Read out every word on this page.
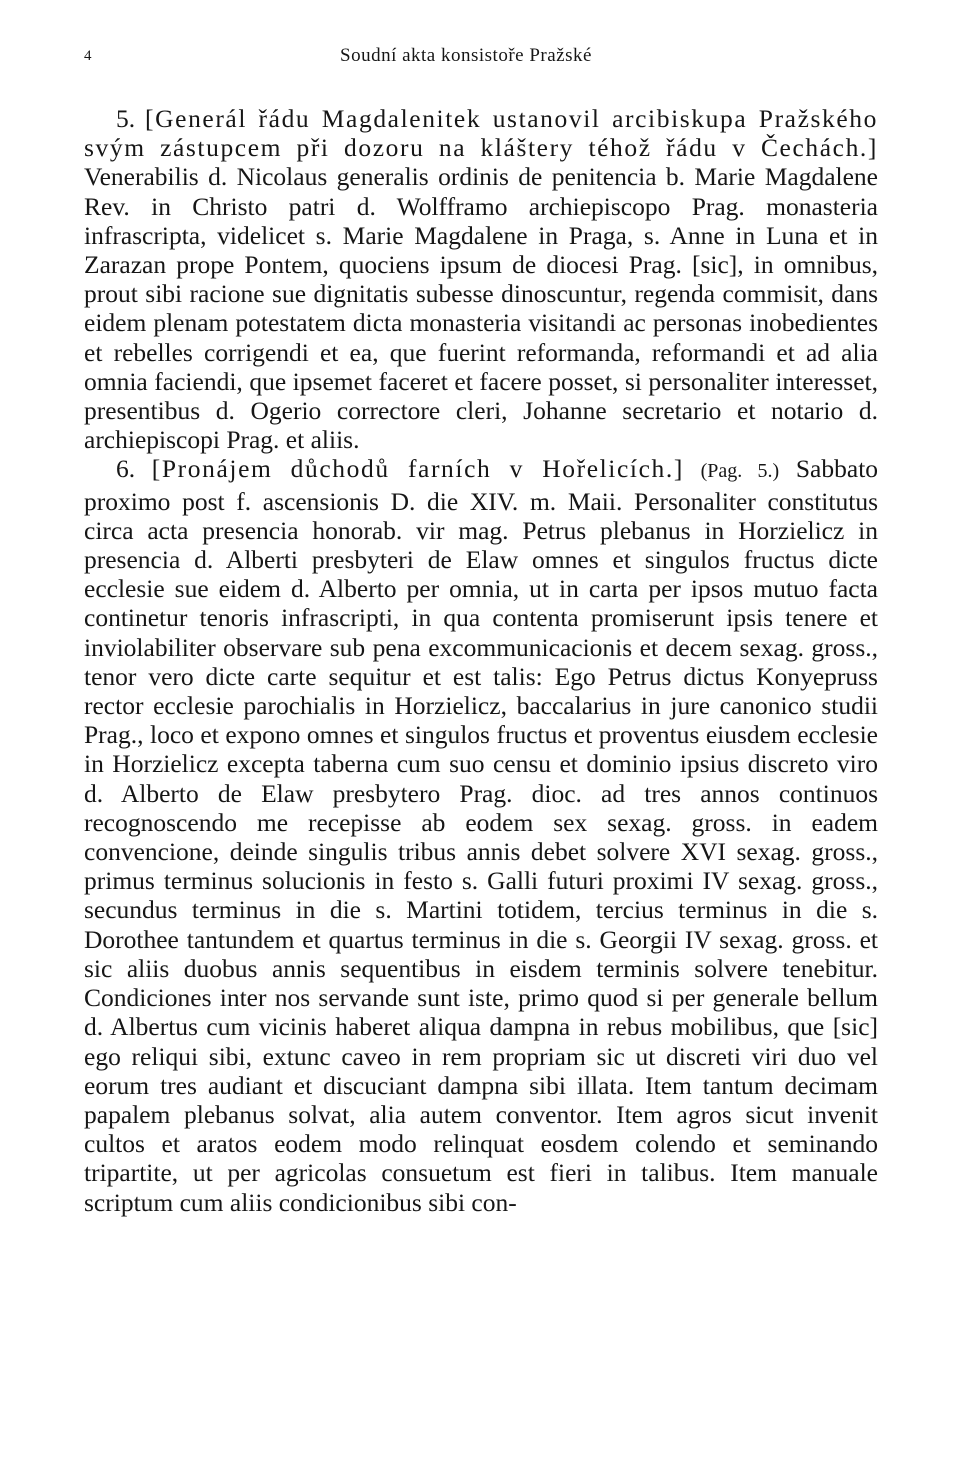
4	Soudní akta konsistoře Pražské

5. [Generál řádu Magdalenitek ustanovil arcibiskupa Pražského svým zástupcem při dozoru na kláštery téhož řádu v Čechách.] Venerabilis d. Nicolaus generalis ordinis de penitencia b. Marie Magdalene Rev. in Christo patri d. Wolfframo archiepiscopo Prag. monasteria infrascripta, videlicet s. Marie Magdalene in Praga, s. Anne in Luna et in Zarazan prope Pontem, quociens ipsum de diocesi Prag. [sic], in omnibus, prout sibi racione sue dignitatis subesse dinoscuntur, regenda commisit, dans eidem plenam potestatem dicta monasteria visitandi ac personas inobedientes et rebelles corrigendi et ea, que fuerint reformanda, reformandi et ad alia omnia faciendi, que ipsemet faceret et facere posset, si personaliter interesset, presentibus d. Ogerio correctore cleri, Johanne secretario et notario d. archiepiscopi Prag. et aliis.

6. [Pronájem důchodů farních v Hořelicích.] (Pag. 5.) Sabbato proximo post f. ascensionis D. die XIV. m. Maii. Personaliter constitutus circa acta presencia honorab. vir mag. Petrus plebanus in Horzielicz in presencia d. Alberti presbyteri de Elaw omnes et singulos fructus dicte ecclesie sue eidem d. Alberto per omnia, ut in carta per ipsos mutuo facta continetur tenoris infrascripti, in qua contenta promiserunt ipsis tenere et inviolabiliter observare sub pena excommunicacionis et decem sexag. gross., tenor vero dicte carte sequitur et est talis: Ego Petrus dictus Konyepruss rector ecclesie parochialis in Horzielicz, baccalarius in jure canonico studii Prag., loco et expono omnes et singulos fructus et proventus eiusdem ecclesie in Horzielicz excepta taberna cum suo censu et dominio ipsius discreto viro d. Alberto de Elaw presbytero Prag. dioc. ad tres annos continuos recognoscendo me recepisse ab eodem sex sexag. gross. in eadem convencione, deinde singulis tribus annis debet solvere XVI sexag. gross., primus terminus solucionis in festo s. Galli futuri proximi IV sexag. gross., secundus terminus in die s. Martini totidem, tercius terminus in die s. Dorothee tantundem et quartus terminus in die s. Georgii IV sexag. gross. et sic aliis duobus annis sequentibus in eisdem terminis solvere tenebitur. Condiciones inter nos servande sunt iste, primo quod si per generale bellum d. Albertus cum vicinis haberet aliqua dampna in rebus mobilibus, que [sic] ego reliqui sibi, extunc caveo in rem propriam sic ut discreti viri duo vel eorum tres audiant et discuciant dampna sibi illata. Item tantum decimam papalem plebanus solvat, alia autem conventor. Item agros sicut invenit cultos et aratos eodem modo relinquat eosdem colendo et seminando tripartite, ut per agricolas consuetum est fieri in talibus. Item manuale scriptum cum aliis condicionibus sibi con-
